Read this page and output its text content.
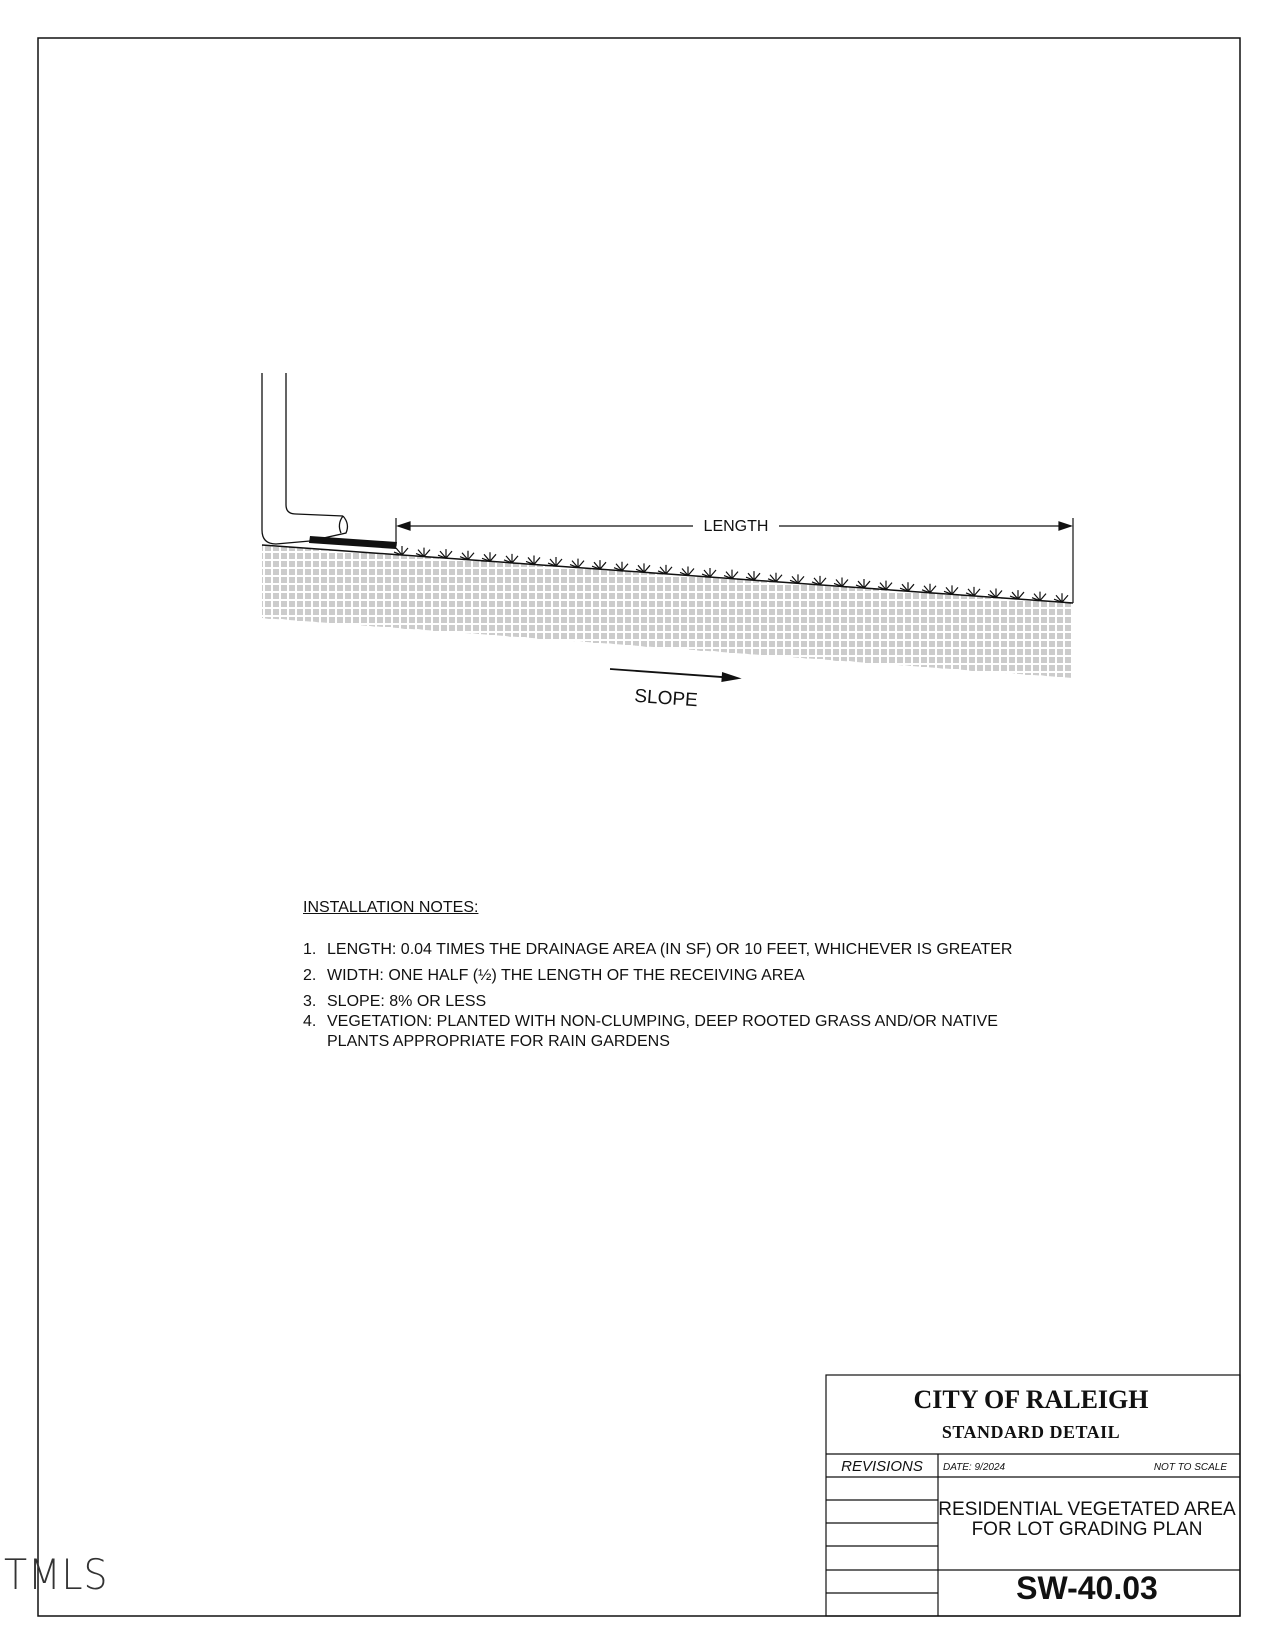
LENGTH
SLOPE
INSTALLATION NOTES:
1. LENGTH: 0.04 TIMES THE DRAINAGE AREA (IN SF) OR 10 FEET, WHICHEVER IS GREATER
2. WIDTH: ONE HALF (½) THE LENGTH OF THE RECEIVING AREA
3. SLOPE: 8% OR LESS
4. VEGETATION: PLANTED WITH NON-CLUMPING, DEEP ROOTED GRASS AND/OR NATIVE PLANTS APPROPRIATE FOR RAIN GARDENS
CITY OF RALEIGH
STANDARD DETAIL
REVISIONS	DATE: 9/2024	NOT TO SCALE
RESIDENTIAL VEGETATED AREA
FOR LOT GRADING PLAN
SW-40.03
TMLS
